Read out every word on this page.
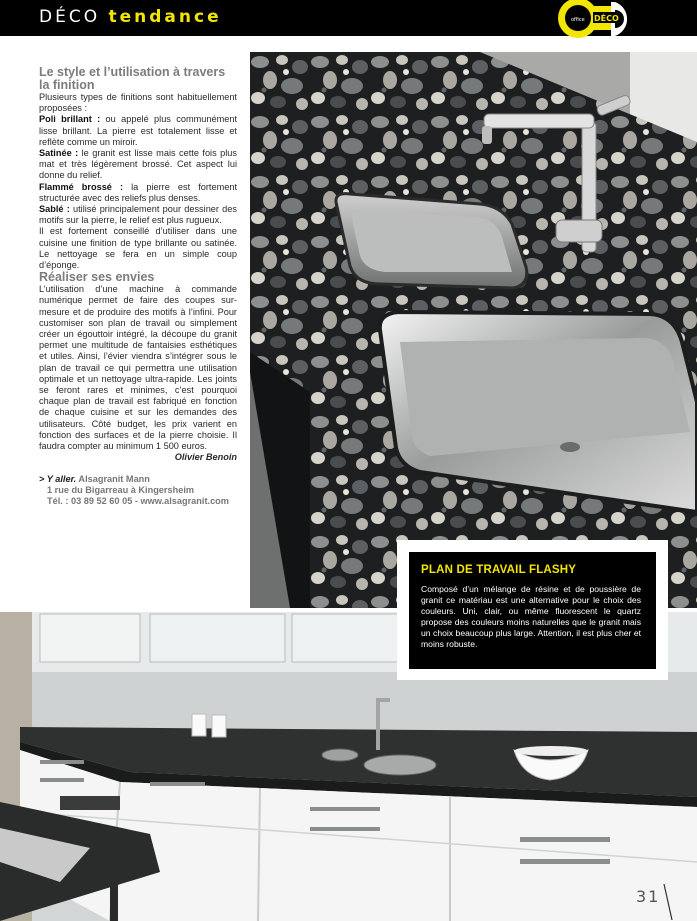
DÉCO tendance	office DÉCO

Le style et l’utilisation à travers la finition

Plusieurs types de finitions sont habituellement proposées :

Poli brillant : ou appelé plus communément lisse brillant. La pierre est totalement lisse et reflète comme un miroir.

Satinée : le granit est lisse mais cette fois plus mat et très légèrement brossé. Cet aspect lui donne du relief.

Flammé brossé : la pierre est fortement structurée avec des reliefs plus denses.

Sablé : utilisé principalement pour dessiner des motifs sur la pierre, le relief est plus rugueux.

Il est fortement conseillé d’utiliser dans une cuisine une finition de type brillante ou satinée. Le nettoyage se fera en un simple coup d’éponge.

Réaliser ses envies

L’utilisation d’une machine à commande numérique permet de faire des coupes sur-mesure et de produire des motifs à l’infini. Pour customiser son plan de travail ou simplement créer un égouttoir intégré, la découpe du granit permet une multitude de fantaisies esthétiques et utiles. Ainsi, l’évier viendra s’intégrer sous le plan de travail ce qui permettra une utilisation optimale et un nettoyage ultra-rapide. Les joints se feront rares et minimes, c’est pourquoi chaque plan de travail est fabriqué en fonction de chaque cuisine et sur les demandes des utilisateurs. Côté budget, les prix varient en fonction des surfaces et de la pierre choisie. Il faudra compter au minimum 1 500 euros.

Olivier Benoin

> Y aller. Alsagranit Mann
1 rue du Bigarreau à Kingersheim
Tél. : 03 89 52 60 05 - www.alsagranit.com
PLAN DE TRAVAIL FLASHY
Composé d’un mélange de résine et de poussière de granit ce matériau est une alternative pour le choix des couleurs. Uni, clair, ou même fluorescent le quartz propose des couleurs moins naturelles que le granit mais un choix beaucoup plus large. Attention, il est plus cher et moins robuste.
31
